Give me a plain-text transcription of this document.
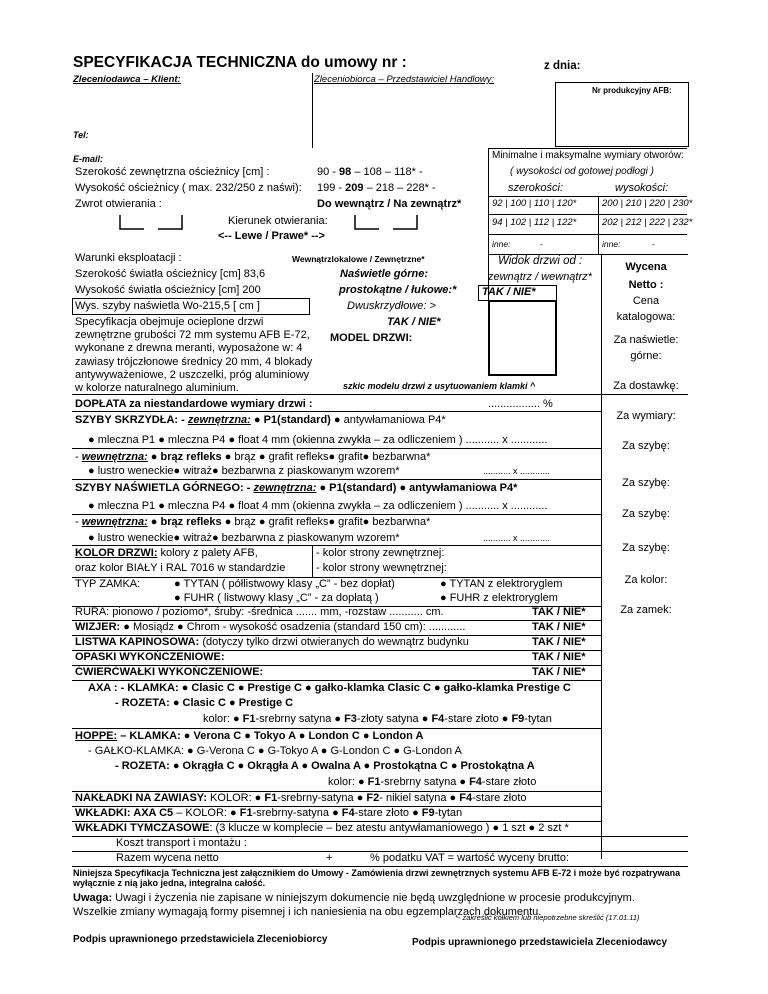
SPECYFIKACJA TECHNICZNA do umowy nr :	z dnia:
Zleceniodawca – Klient:	Zleceniobiorca – Przedstawiciel Handlowy:
Nr produkcyjny AFB:
Tel:
E-mail:
Szerokość zewnętrzna ościeżnicy [cm] :	90 - 98 – 108 – 118* -
Wysokość ościeżnicy ( max. 232/250 z naświ): 199 - 209 – 218 – 228* -
Zwrot otwierania :	Do wewnątrz / Na zewnątrz*
Kierunek otwierania:
<-- Lewe / Prawe* -->
Warunki eksploatacji :	Wewnątrzlokalowe / Zewnętrzne*
Szerokość światła ościeżnicy [cm] 83,6	Naświetle górne:
Wysokość światła ościeżnicy [cm] 200	prostokątne / łukowe:*
Wys. szyby naświetla Wo-215,5 [ cm ]	Dwuskrzydłowe: >
TAK / NIE*
Specyfikacja obejmuje ocieplone drzwi zewnętrzne grubości 72 mm systemu AFB E-72, wykonane z drewna meranti, wyposażone w: 4 zawiasy trójczłonowe średnicy 20 mm, 4 blokady antywyważeniowe, 2 uszczelki, próg aluminiowy w kolorze naturalnego aluminium.
MODEL DRZWI:
Minimalne i maksymalne wymiary otworów:
( wysokości od gotowej podłogi )
szerokości:	wysokości:
92 | 100 | 110 | 120*	200 | 210 | 220 | 230*
94 | 102 | 112 | 122*	202 | 212 | 222 | 232*
inne:	-	inne:	-
Widok drzwi od :
zewnątrz / wewnątrz*
TAK / NIE*
szkic modelu drzwi z usytuowaniem klamki ^
Wycena
Netto :
Cena
katalogowa:
Za naświetle:
górne:
Za dostawkę:
Za wymiary:
Za szybę:
Za szybę:
Za szybę:
Za szybę:
Za kolor:
Za zamek:
DOPŁATA za niestandardowe wymiary drzwi :	................. %
SZYBY SKRZYDŁA: - zewnętrzna: ● P1(standard) ● antywłamaniowa P4*
● mleczna P1 ● mleczna P4 ● float 4 mm (okienna zwykła – za odliczeniem ) ........... x ............
- wewnętrzna: ● brąz refleks ● brąz ● grafit refleks● grafit● bezbarwna*
● lustro weneckie● witraż● bezbarwna z piaskowanym wzorem*	........... x ............
SZYBY NAŚWIETLA GÓRNEGO: - zewnętrzna: ● P1(standard) ● antywłamaniowa P4*
● mleczna P1 ● mleczna P4 ● float 4 mm (okienna zwykła – za odliczeniem ) ........... x ............
- wewnętrzna: ● brąz refleks ● brąz ● grafit refleks● grafit● bezbarwna*
● lustro weneckie● witraż● bezbarwna z piaskowanym wzorem*	........... x ............
KOLOR DRZWI: kolory z palety AFB,	- kolor strony zewnętrznej:
oraz kolor BIAŁY i RAL 7016 w standardzie	- kolor strony wewnętrznej:
TYP ZAMKA:	● TYTAN ( półlistwowy klasy „C” - bez dopłat)	● TYTAN z elektroryglem
● FUHR ( listwowy klasy „C” - za dopłatą )	● FUHR z elektroryglem
RURA: pionowo / poziomo*, śruby: -średnica ....... mm, -rozstaw ........... cm.	TAK / NIE*
WIZJER: ● Mosiądz ● Chrom - wysokość osadzenia (standard 150 cm): ............	TAK / NIE*
LISTWA KAPINOSOWA: (dotyczy tylko drzwi otwieranych do wewnątrz budynku	TAK / NIE*
OPASKI WYKOŃCZENIOWE:	TAK / NIE*
ĆWIERĆWAŁKI WYKOŃCZENIOWE:	TAK / NIE*
AXA : - KLAMKA: ● Clasic C ● Prestige C ● gałko-klamka Clasic C ● gałko-klamka Prestige C
- ROZETA: ● Clasic C ● Prestige C
kolor: ● F1-srebrny satyna ● F3-złoty satyna ● F4-stare złoto ● F9-tytan
HOPPE: – KLAMKA: ● Verona C ● Tokyo A ● London C ● London A
- GAŁKO-KLAMKA: ● G-Verona C ● G-Tokyo A ● G-London C ● G-London A
- ROZETA: ● Okrągła C ● Okrągła A ● Owalna A ● Prostokątna C ● Prostokątna A
kolor: ● F1-srebrny satyna ● F4-stare złoto
NAKŁADKI NA ZAWIASY: KOLOR: ● F1-srebrny-satyna ● F2- nikiel satyna ● F4-stare złoto
WKŁADKI: AXA C5 – KOLOR: ● F1-srebrny-satyna ● F4-stare złoto ● F9-tytan
WKŁADKI TYMCZASOWE: (3 klucze w komplecie – bez atestu antywłamaniowego ) ● 1 szt ● 2 szt *
Koszt transport i montażu :
Razem wycena netto	+	% podatku VAT = wartość wyceny brutto:
Niniejsza Specyfikacja Techniczna jest załącznikiem do Umowy - Zamówienia drzwi zewnętrznych systemu AFB E-72 i może być rozpatrywana wyłącznie z nią jako jedna, integralna całość.
Uwaga: Uwagi i życzenia nie zapisane w niniejszym dokumencie nie będą uwzględnione w procesie produkcyjnym.
Wszelkie zmiany wymagają formy pisemnej i ich naniesienia na obu egzemplarzach dokumentu.
*- zakreślić kółkiem lub niepotrzebne skreślić (17.01.11)
Podpis uprawnionego przedstawiciela Zleceniobiorcy	Podpis uprawnionego przedstawiciela Zleceniodawcy
